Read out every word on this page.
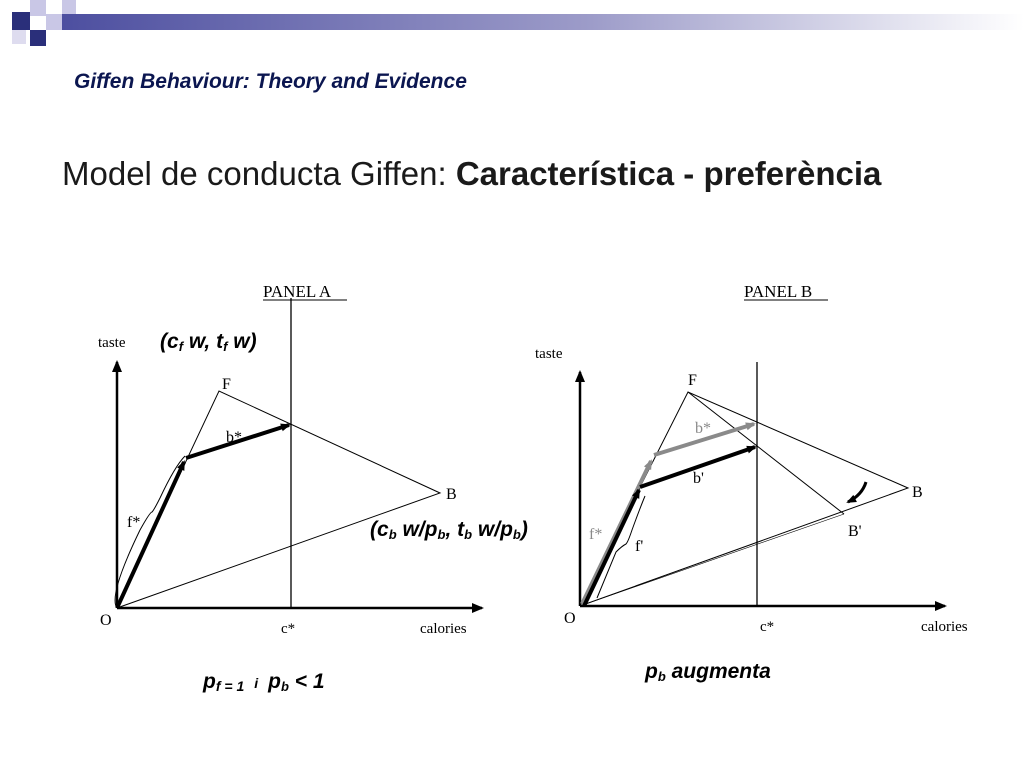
Giffen Behaviour: Theory and Evidence
Model de conducta Giffen: Característica - preferència
PANEL A
taste
calories
O	c*
F
B
b*
f*
PANEL B
taste
calories
O	c*
F
B
B'
b*
f*
b'
f'
($c_f$ w, $t_f$ w)
($c_b$ $w/p_b$, $t_b$ $w/p_b$)
$p_{f = 1}$ i $p_b < 1$	$p_b$ augmenta
